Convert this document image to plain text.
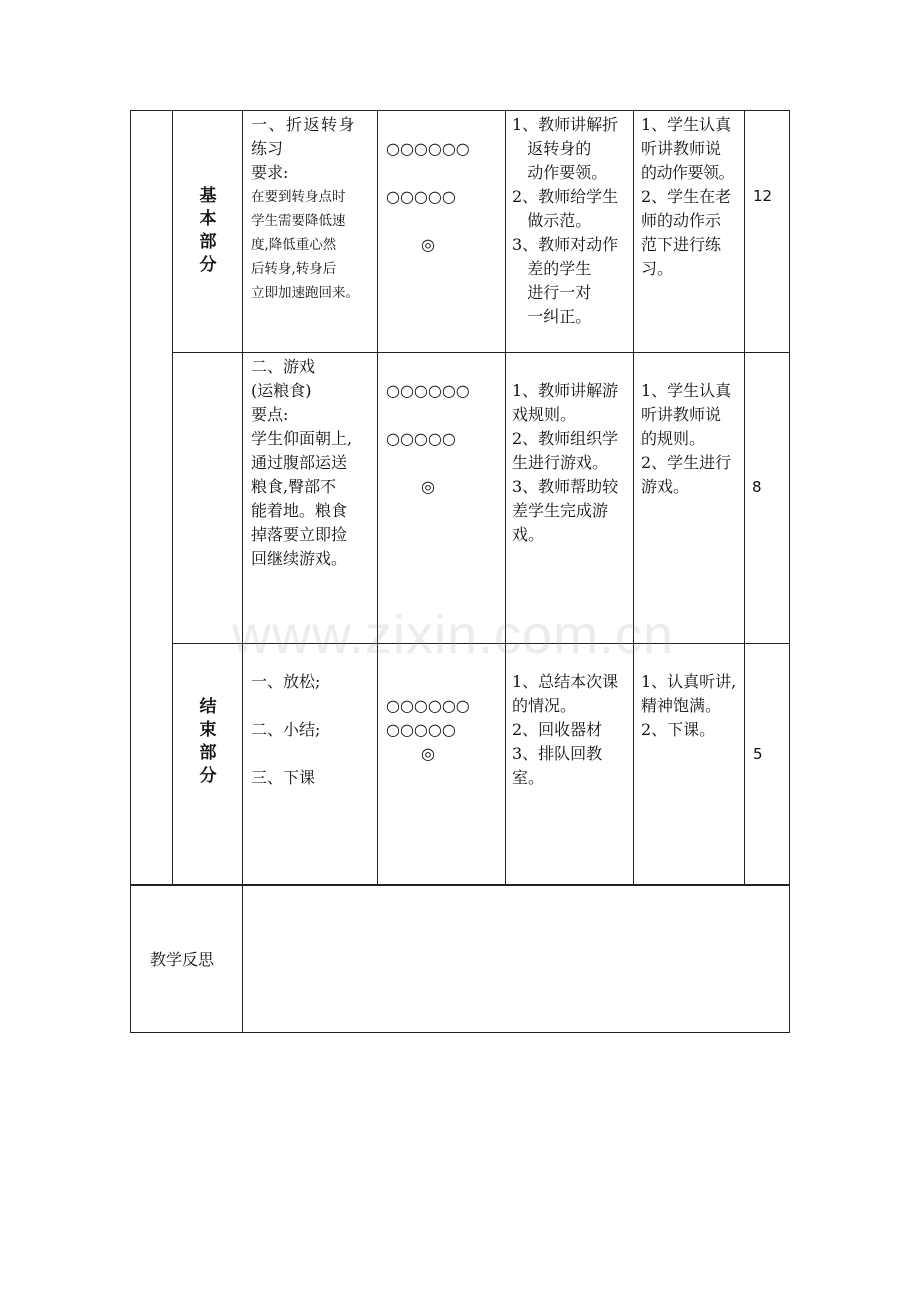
www.zixin.com.cn
基本部分
一、折返转身
练习
要求:
在要到转身点时
学生需要降低速
度,降低重心然
后转身,转身后
立即加速跑回来。
○○○○○○
○○○○○
◎
1、教师讲解折
返转身的
动作要领。
2、教师给学生
做示范。
3、教师对动作
差的学生
进行一对
一纠正。
1、学生认真
听讲教师说
的动作要领。
2、学生在老
师的动作示
范下进行练
习。
12
二、游戏
(运粮食)
要点:
学生仰面朝上,
通过腹部运送
粮食,臀部不
能着地。粮食
掉落要立即捡
回继续游戏。
○○○○○○
○○○○○
◎
1、教师讲解游
戏规则。
2、教师组织学
生进行游戏。
3、教师帮助较
差学生完成游
戏。
1、学生认真
听讲教师说
的规则。
2、学生进行
游戏。	8
结束部分
一、放松;
二、小结;
三、下课
○○○○○○
○○○○○
◎
1、总结本次课
的情况。
2、回收器材
3、排队回教
室。
1、认真听讲,
精神饱满。
2、下课。
5
教学反思
